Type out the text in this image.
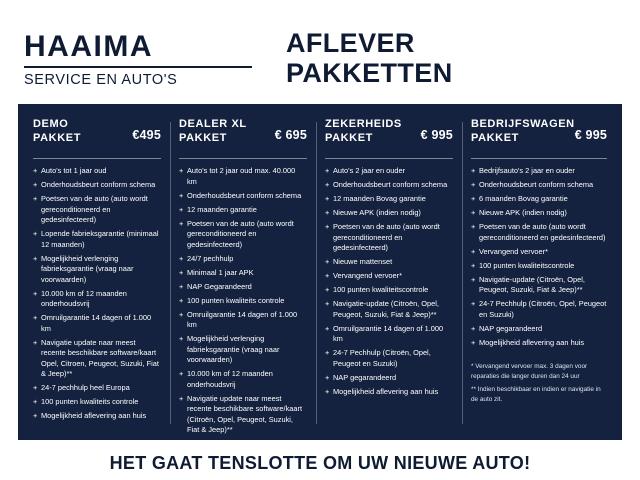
HAAIMA
SERVICE EN AUTO'S
AFLEVER
PAKKETTEN
DEMO
PAKKET	€495
+ Auto's tot 1 jaar oud
+ Onderhoudsbeurt conform schema
+ Poetsen van de auto (auto wordt gereconditioneerd en gedesinfecteerd)
+ Lopende fabrieksgarantie (minimaal 12 maanden)
+ Mogelijkheid verlenging fabrieksgarantie (vraag naar voorwaarden)
+ 10.000 km of 12 maanden onderhoudsvrij
+ Omruilgarantie 14 dagen of 1.000 km
+ Navigatie update naar meest recente beschikbare software/kaart Opel, Citroen, Peugeot, Suzuki, Fiat & Jeep)**
+ 24-7 pechhulp heel Europa
+ 100 punten kwaliteits controle
+ Mogelijkheid aflevering aan huis
DEALER XL
PAKKET	€ 695
+ Auto's tot 2 jaar oud max. 40.000 km
+ Onderhoudsbeurt conform schema
+ 12 maanden garantie
+ Poetsen van de auto (auto wordt gereconditioneerd en gedesinfecteerd)
+ 24/7 pechhulp
+ Minimaal 1 jaar APK
+ NAP Gegarandeerd
+ 100 punten kwaliteits controle
+ Omruilgarantie 14 dagen of 1.000 km
+ Mogelijkheid verlenging fabrieksgarantie (vraag naar voorwaarden)
+ 10.000 km of 12 maanden onderhoudsvrij
+ Navigatie update naar meest recente beschikbare software/kaart (Citroën, Opel, Peugeot, Suzuki, Fiat & Jeep)**
+ Mogelijkheid aflevering aan huis
ZEKERHEIDS
PAKKET	€ 995
+ Auto's 2 jaar en ouder
+ Onderhoudsbeurt conform schema
+ 12 maanden Bovag garantie
+ Nieuwe APK (indien nodig)
+ Poetsen van de auto (auto wordt gereconditioneerd en gedesinfecteerd)
+ Nieuwe mattenset
+ Vervangend vervoer*
+ 100 punten kwaliteitscontrole
+ Navigatie-update (Citroën, Opel, Peugeot, Suzuki, Fiat & Jeep)**
+ Omruilgarantie 14 dagen of 1.000 km
+ 24-7 Pechhulp (Citroën, Opel, Peugeot en Suzuki)
+ NAP gegarandeerd
+ Mogelijkheid aflevering aan huis
BEDRIJFSWAGEN
PAKKET	€ 995
+ Bedrijfsauto's 2 jaar en ouder
+ Onderhoudsbeurt conform schema
+ 6 maanden Bovag garantie
+ Nieuwe APK (indien nodig)
+ Poetsen van de auto (auto wordt gereconditioneerd en gedesinfecteerd)
+ Vervangend vervoer*
+ 100 punten kwaliteitscontrole
+ Navigatie-update (Citroën, Opel, Peugeot, Suzuki, Fiat & Jeep)**
+ 24-7 Pechhulp (Citroën, Opel, Peugeot en Suzuki)
+ NAP gegarandeerd
+ Mogelijkheid aflevering aan huis

* Vervangend vervoer max. 3 dagen voor reparaties die langer duren dan 24 uur

** Indien beschikbaar en indien er navigatie in de auto zit.

HET GAAT TENSLOTTE OM UW NIEUWE AUTO!
